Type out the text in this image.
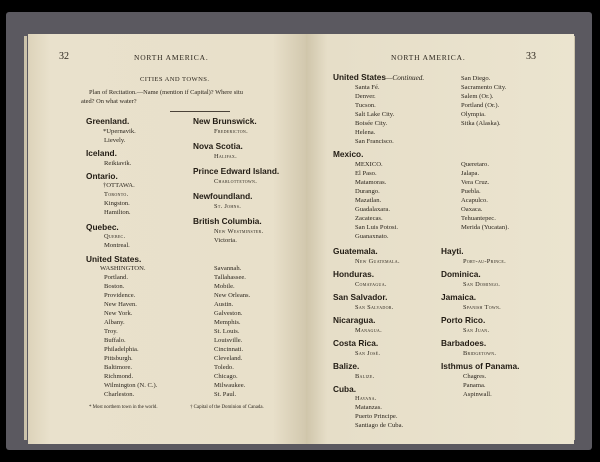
32	NORTH AMERICA.
CITIES AND TOWNS.
Plan of Recitation.—Name (mention if Capital)? Where situ
ated? On what water?
Greenland.
*Upernavik.
Lievely.
Iceland.
Reikiavik.
Ontario.
†OTTAWA.
Toronto.
Kingston.
Hamilton.
Quebec.
Quebec.
Montreal.
United States.
WASHINGTON.
Portland.
Boston.
Providence.
New Haven.
New York.
Albany.
Troy.
Buffalo.
Philadelphia.
Pittsburgh.
Baltimore.
Richmond.
Wilmington (N. C.).
Charleston.
New Brunswick.
Fredericton.
Nova Scotia.
Halifax.
Prince Edward Island.
Charlottetown.
Newfoundland.
St. Johns.
British Columbia.
New Westminster.
Victoria.
Savannah.
Tallahassee.
Mobile.
New Orleans.
Austin.
Galveston.
Memphis.
St. Louis.
Louisville.
Cincinnati.
Cleveland.
Toledo.
Chicago.
Milwaukee.
St. Paul.
* Most northern town in the world.	† Capital of the Dominion of Canada.
NORTH AMERICA.	33
United States—Continued.
Santa Fé.
Denver.
Tucson.
Salt Lake City.
Boisée City.
Helena.
San Francisco.
Mexico.
MEXICO.
El Paso.
Matamoras.
Durango.
Mazatlan.
Guadalaxara.
Zacatecas.
San Luis Potosi.
Guanaxnato.
Guatemala.
New Guatemala.
Honduras.
Comayagua.
San Salvador.
San Salvador.
Nicaragua.
Managua.
Costa Rica.
San José.
Balize.
Balize.
Cuba.
Havana.
Matanzas.
Puerto Principe.
Santiago de Cuba.
San Diego.
Sacramento City.
Salem (Or.).
Portland (Or.).
Olympia.
Sitka (Alaska).
Queretaro.
Jalapa.
Vera Cruz.
Puebla.
Acapulco.
Oaxaca.
Tehuantepec.
Merida (Yucatan).
Hayti.
Port-au-Prince.
Dominica.
San Domingo.
Jamaica.
Spanish Town.
Porto Rico.
San Juan.
Barbadoes.
Bridgetown.
Isthmus of Panama.
Chagres.
Panama.
Aspinwall.
